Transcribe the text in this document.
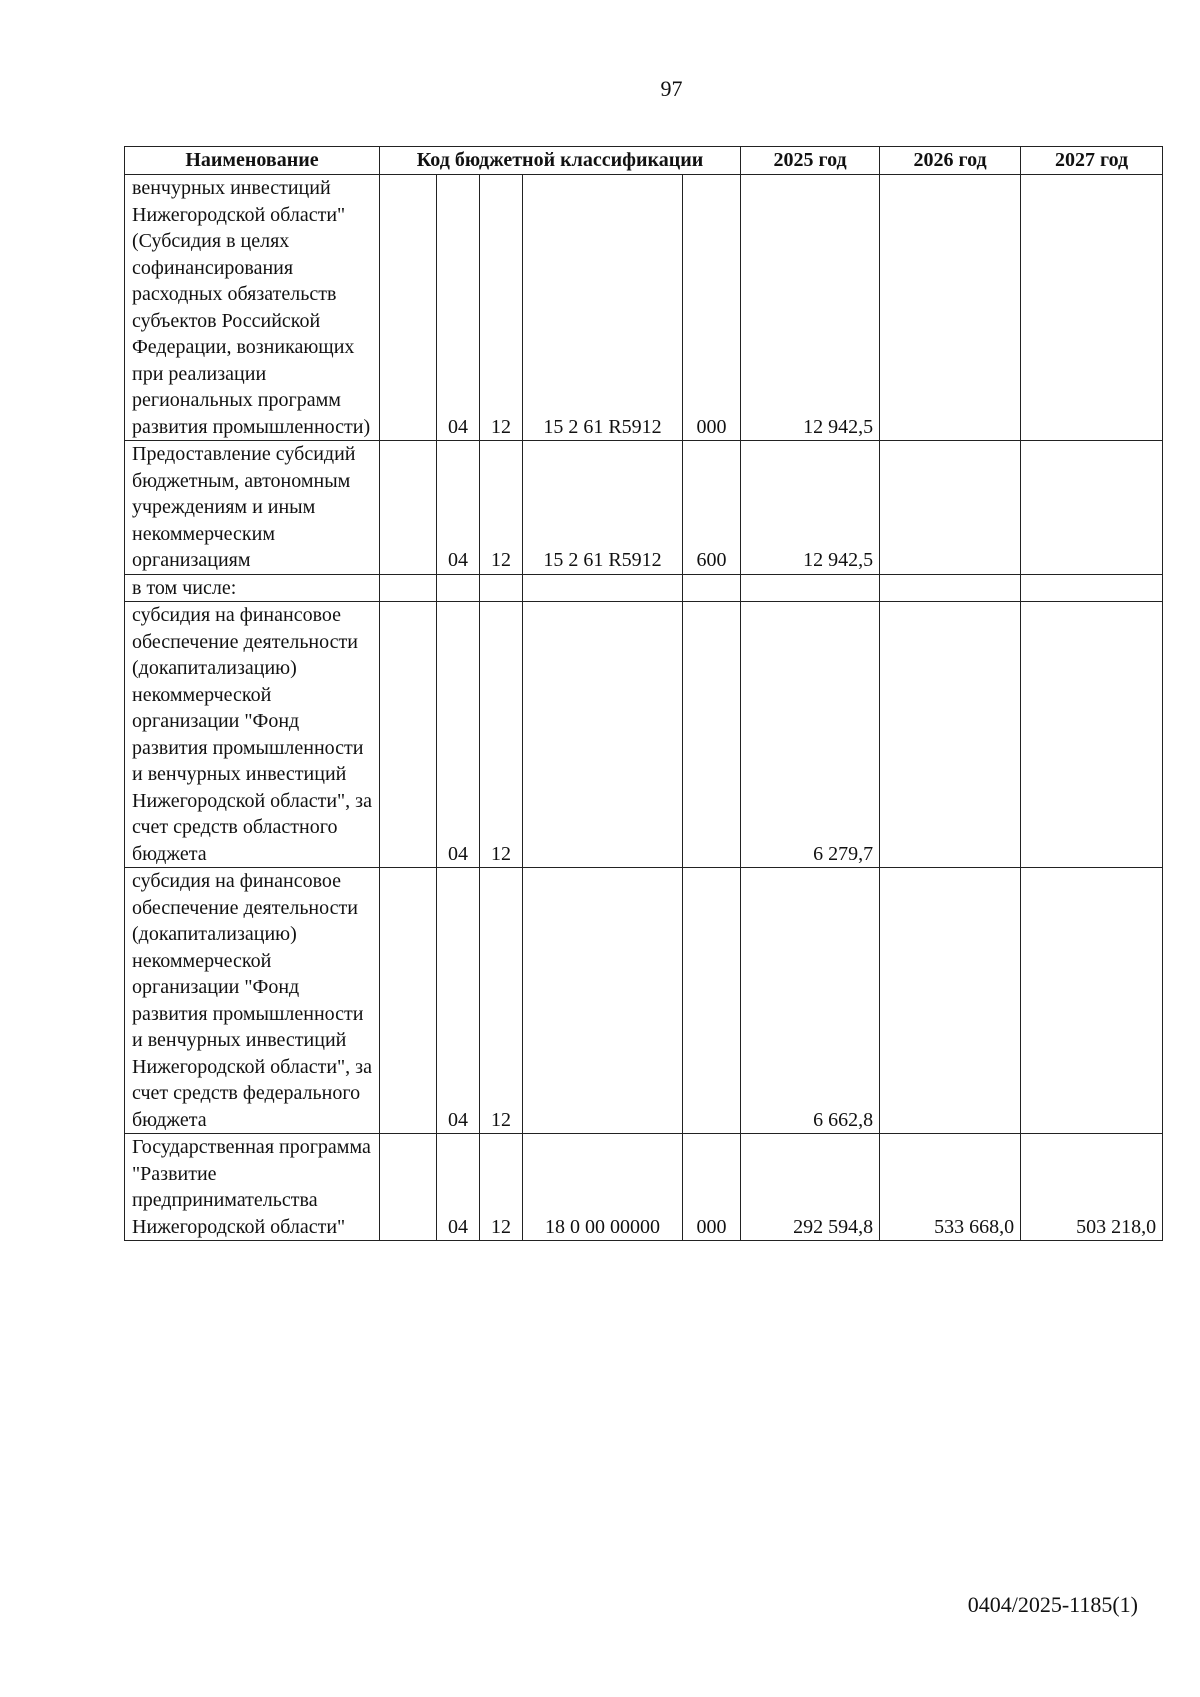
97
Наименование	Код бюджетной классификации					2025 год	2026 год	2027 год
венчурных инвестиций Нижегородской области" (Субсидия в целях софинансирования расходных обязательств субъектов Российской Федерации, возникающих при реализации региональных программ развития промышленности)		04	12	15 2 61 R5912	000	12 942,5		
Предоставление субсидий бюджетным, автономным учреждениям и иным некоммерческим организациям		04	12	15 2 61 R5912	600	12 942,5		
в том числе:								
субсидия на финансовое обеспечение деятельности (докапитализацию) некоммерческой организации "Фонд развития промышленности и венчурных инвестиций Нижегородской области", за счет средств областного бюджета		04	12			6 279,7		
субсидия на финансовое обеспечение деятельности (докапитализацию) некоммерческой организации "Фонд развития промышленности и венчурных инвестиций Нижегородской области", за счет средств федерального бюджета		04	12			6 662,8		
Государственная программа "Развитие предпринимательства Нижегородской области"		04	12	18 0 00 00000	000	292 594,8	533 668,0	503 218,0
0404/2025-1185(1)
